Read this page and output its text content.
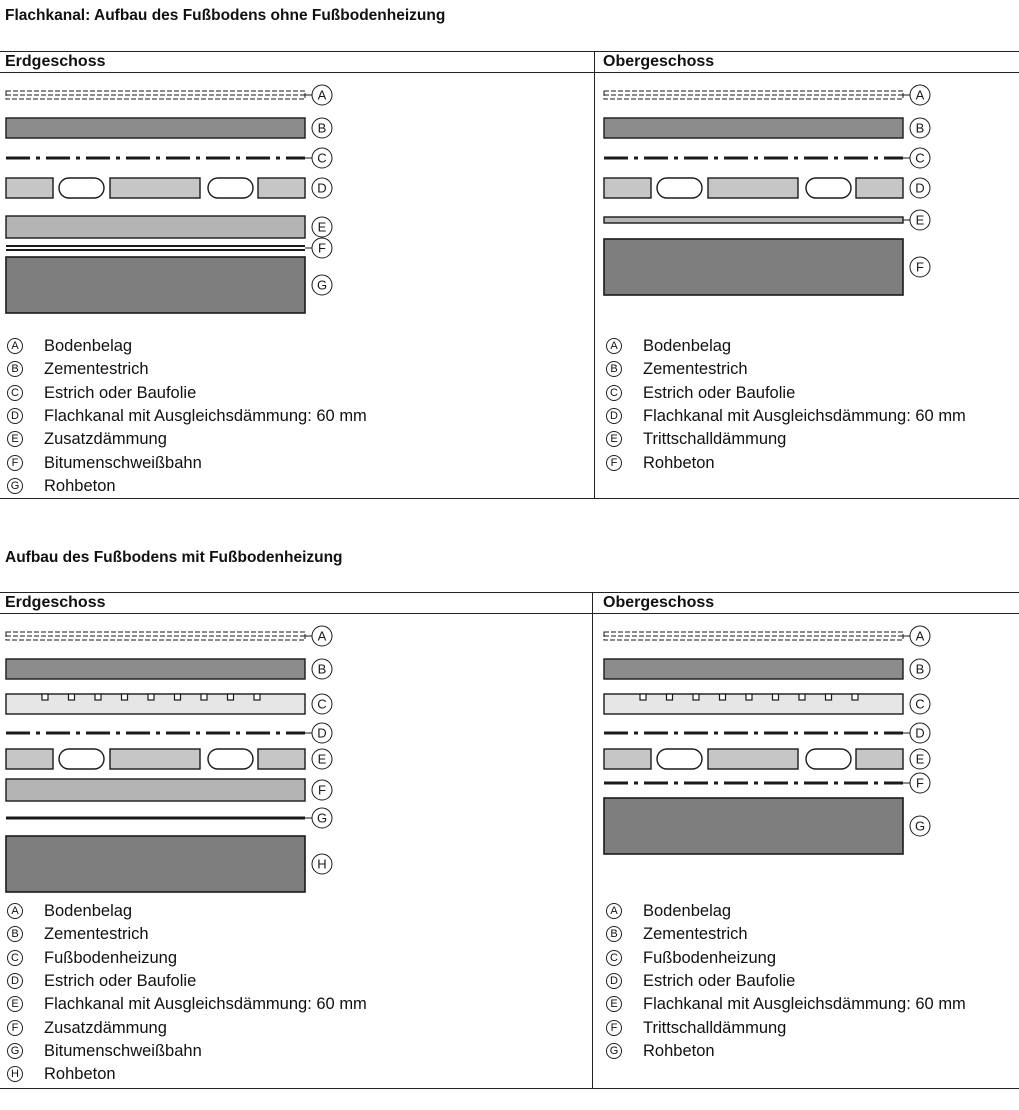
Flachkanal: Aufbau des Fußbodens ohne Fußbodenheizung
Erdgeschoss	Obergeschoss
A
B
C
D
E
F
G
A
B
C
D
E
F
A Bodenbelag
B Zementestrich
C Estrich oder Baufolie
D Flachkanal mit Ausgleichsdämmung: 60 mm
E Zusatzdämmung
F Bitumenschweißbahn
G Rohbeton
A Bodenbelag
B Zementestrich
C Estrich oder Baufolie
D Flachkanal mit Ausgleichsdämmung: 60 mm
E Trittschalldämmung
F Rohbeton
Aufbau des Fußbodens mit Fußbodenheizung
Erdgeschoss	Obergeschoss
A
B
C
D
E
F
G
H
A
B
C
D
E
F
G
A Bodenbelag
B Zementestrich
C Fußbodenheizung
D Estrich oder Baufolie
E Flachkanal mit Ausgleichsdämmung: 60 mm
F Zusatzdämmung
G Bitumenschweißbahn
H Rohbeton
A Bodenbelag
B Zementestrich
C Fußbodenheizung
D Estrich oder Baufolie
E Flachkanal mit Ausgleichsdämmung: 60 mm
F Trittschalldämmung
G Rohbeton
